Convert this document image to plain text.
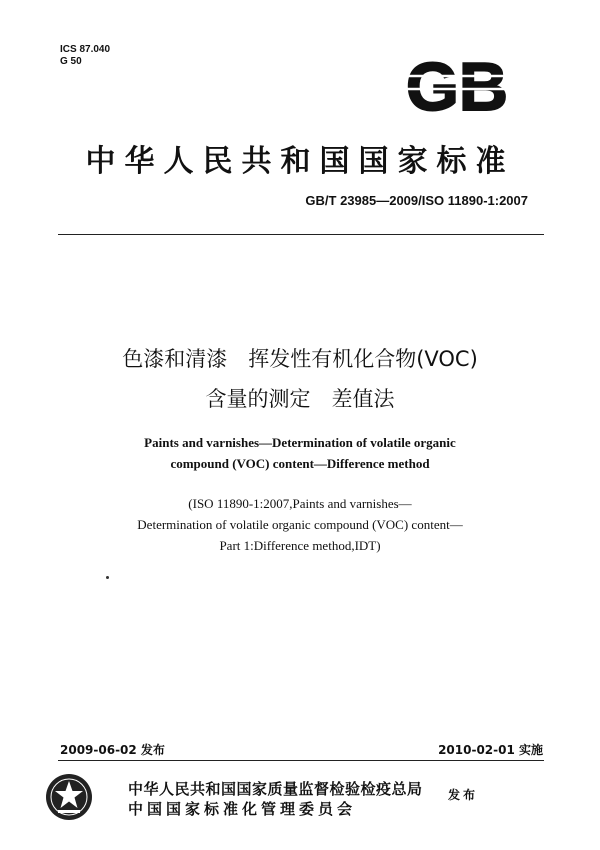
ICS 87.040
G 50	GB
中华人民共和国国家标准
GB/T 23985—2009/ISO 11890-1:2007
色漆和清漆　挥发性有机化合物(VOC)
含量的测定　差值法
Paints and varnishes—Determination of volatile organic
compound (VOC) content—Difference method
(ISO 11890-1:2007,Paints and varnishes—
Determination of volatile organic compound (VOC) content—
Part 1:Difference method,IDT)
2009-06-02 发布	2010-02-01 实施
中华人民共和国国家质量监督检验检疫总局
中国国家标准化管理委员会
发布
